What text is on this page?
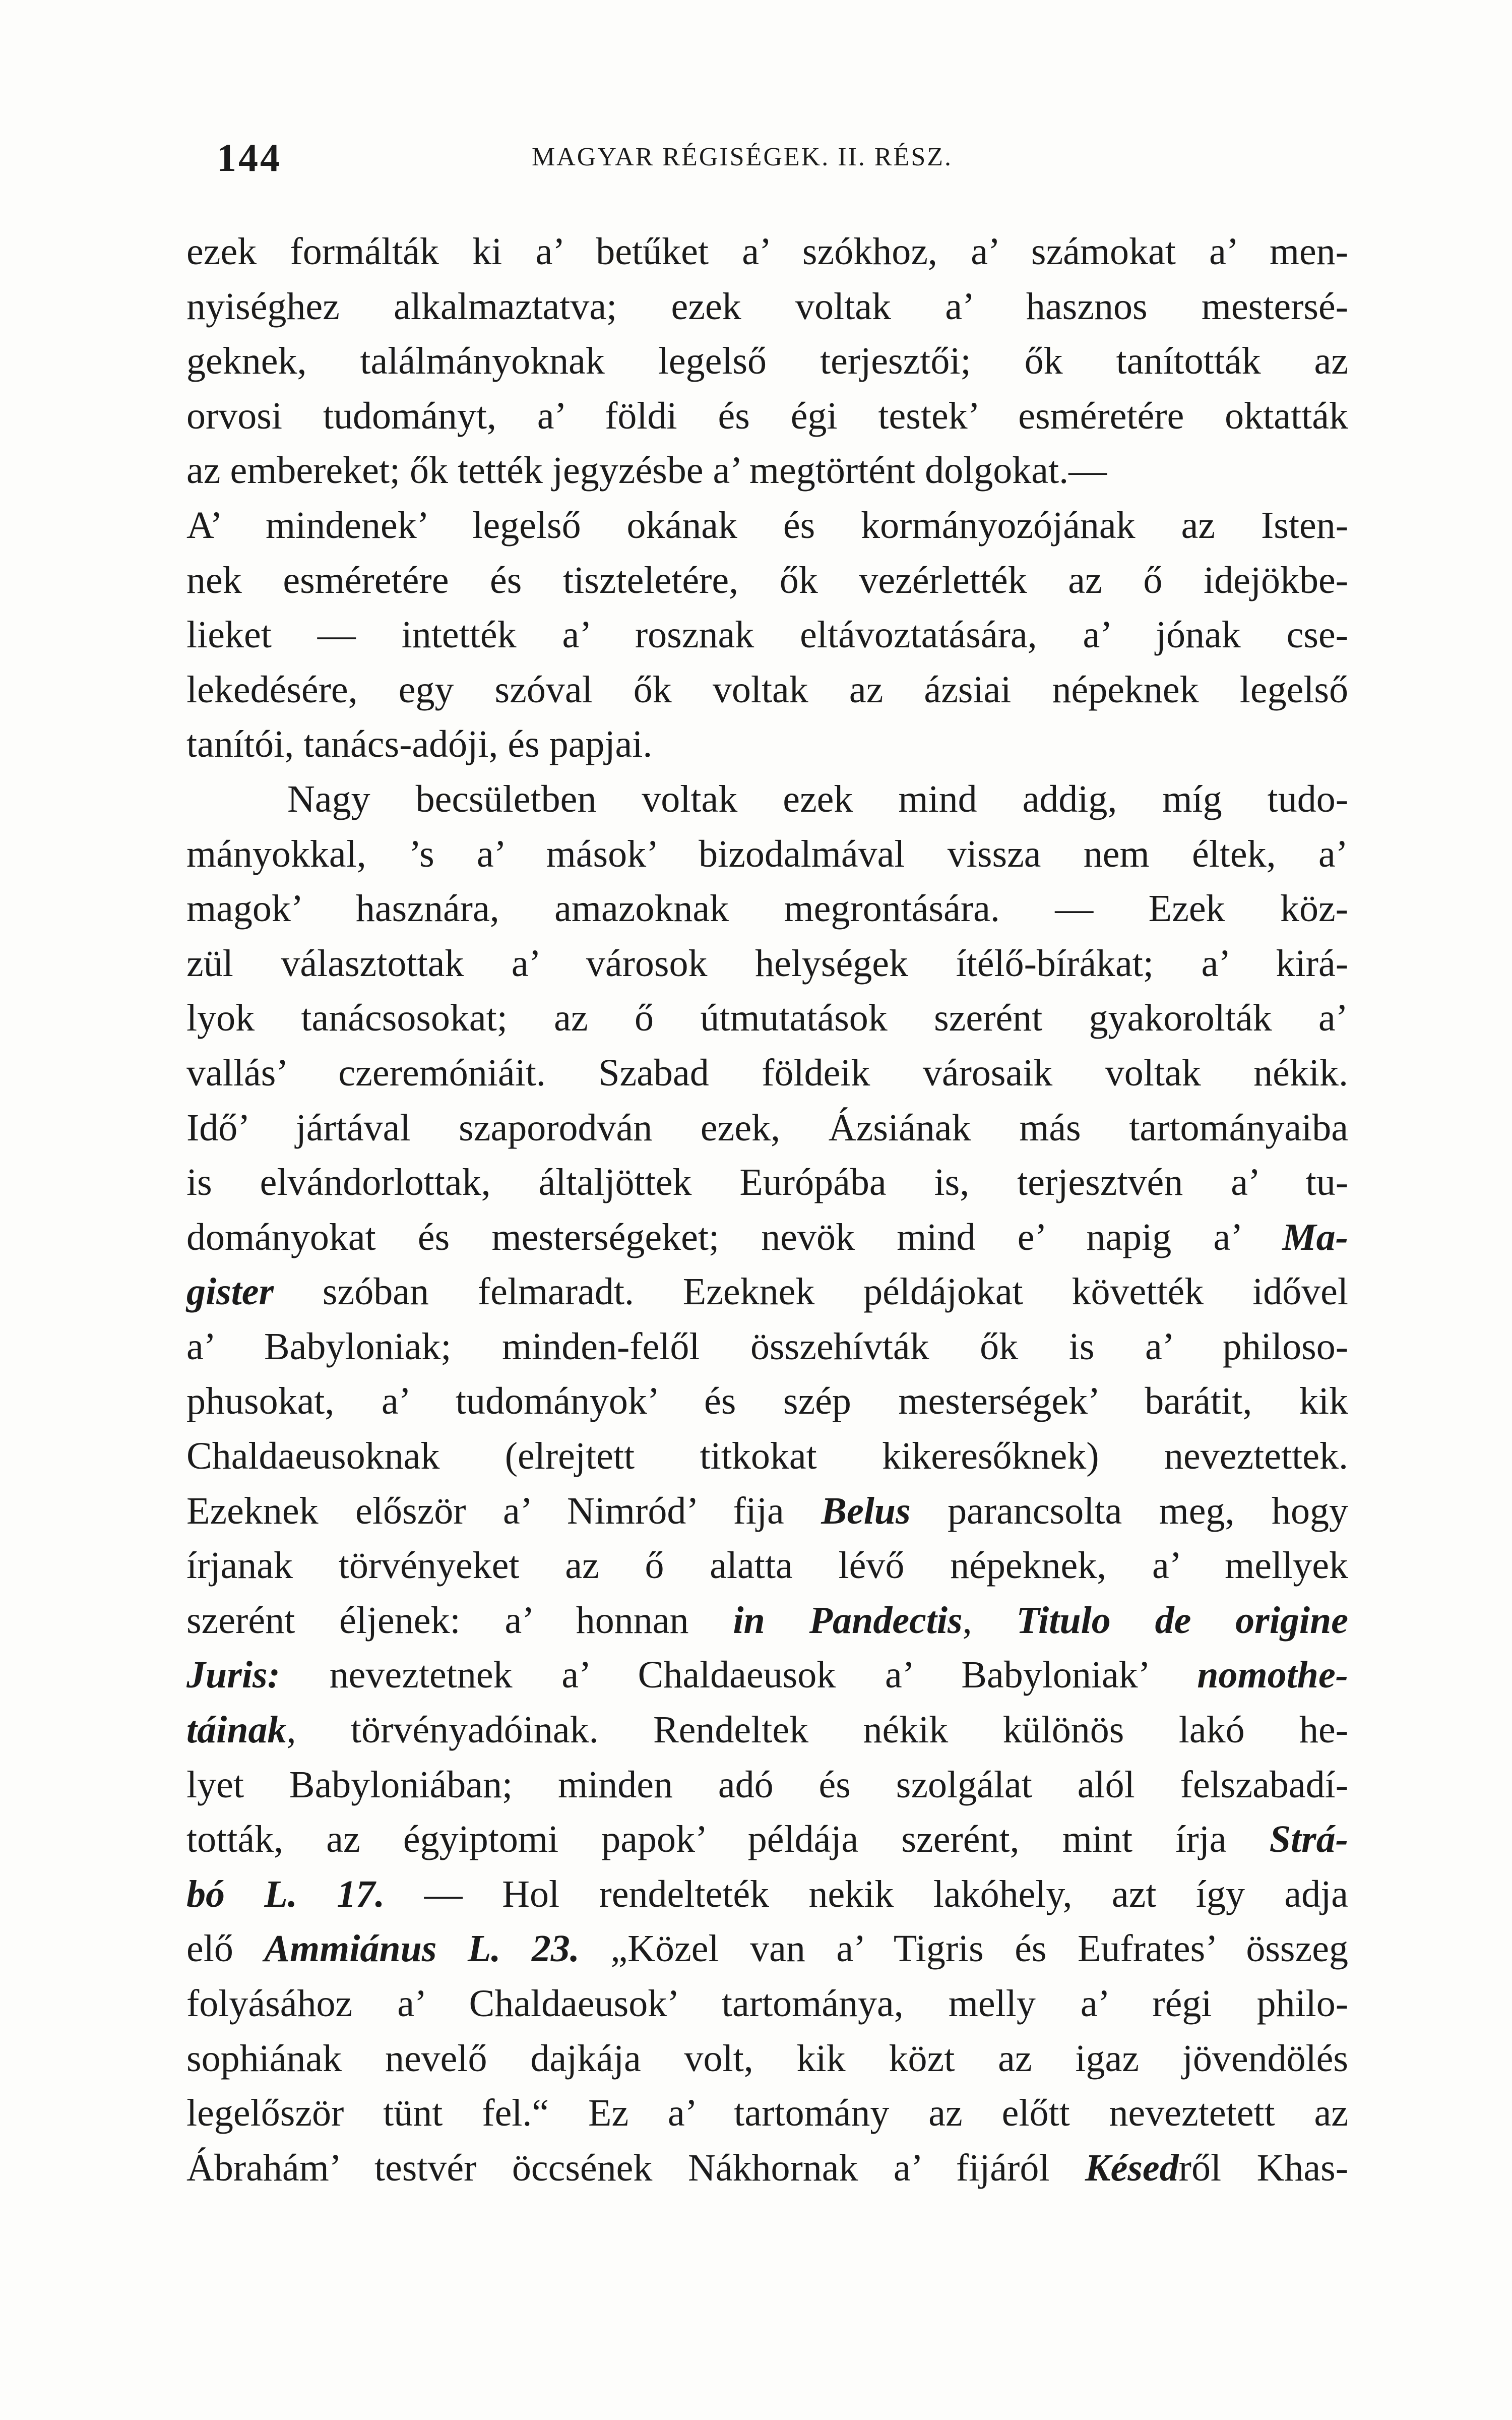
144	MAGYAR RÉGISÉGEK. II. RÉSZ.
ezek formálták ki a’ betűket a’ szókhoz, a’ számokat a’ men-
nyiséghez alkalmaztatva; ezek voltak a’ hasznos mestersé-
geknek, találmányoknak legelső terjesztői; ők tanították az
orvosi tudományt, a’ földi és égi testek’ esméretére oktatták
az embereket; ők tették jegyzésbe a’ megtörtént dolgokat.—
A’ mindenek’ legelső okának és kormányozójának az Isten-
nek esméretére és tiszteletére, ők vezérlették az ő idejökbe-
lieket — intették a’ rosznak eltávoztatására, a’ jónak cse-
lekedésére, egy szóval ők voltak az ázsiai népeknek legelső
tanítói, tanács-adóji, és papjai.
Nagy becsületben voltak ezek mind addig, míg tudo-
mányokkal, ’s a’ mások’ bizodalmával vissza nem éltek, a’
magok’ hasznára, amazoknak megrontására. — Ezek köz-
zül választottak a’ városok helységek ítélő-bírákat; a’ kirá-
lyok tanácsosokat; az ő útmutatások szerént gyakorolták a’
vallás’ czeremóniáit. Szabad földeik városaik voltak nékik.
Idő’ jártával szaporodván ezek, Ázsiának más tartományaiba
is elvándorlottak, általjöttek Európába is, terjesztvén a’ tu-
dományokat és mesterségeket; nevök mind e’ napig a’ Ma-
gister szóban felmaradt. Ezeknek példájokat követték idővel
a’ Babyloniak; minden-felől összehívták ők is a’ philoso-
phusokat, a’ tudományok’ és szép mesterségek’ barátit, kik
Chaldaeusoknak (elrejtett titkokat kikeresőknek) neveztettek.
Ezeknek először a’ Nimród’ fija Belus parancsolta meg, hogy
írjanak törvényeket az ő alatta lévő népeknek, a’ mellyek
szerént éljenek: a’ honnan in Pandectis, Titulo de origine
Juris: neveztetnek a’ Chaldaeusok a’ Babyloniak’ nomothe-
táinak, törvényadóinak. Rendeltek nékik különös lakó he-
lyet Babyloniában; minden adó és szolgálat alól felszabadí-
tották, az égyiptomi papok’ példája szerént, mint írja Strá-
bó L. 17. — Hol rendelteték nekik lakóhely, azt így adja
elő Ammiánus L. 23. „Közel van a’ Tigris és Eufrates’ összeg
folyásához a’ Chaldaeusok’ tartománya, melly a’ régi philo-
sophiának nevelő dajkája volt, kik közt az igaz jövendölés
legelőször tünt fel.“ Ez a’ tartomány az előtt neveztetett az
Ábrahám’ testvér öccsének Nákhornak a’ fijáról Késedről Khas-
